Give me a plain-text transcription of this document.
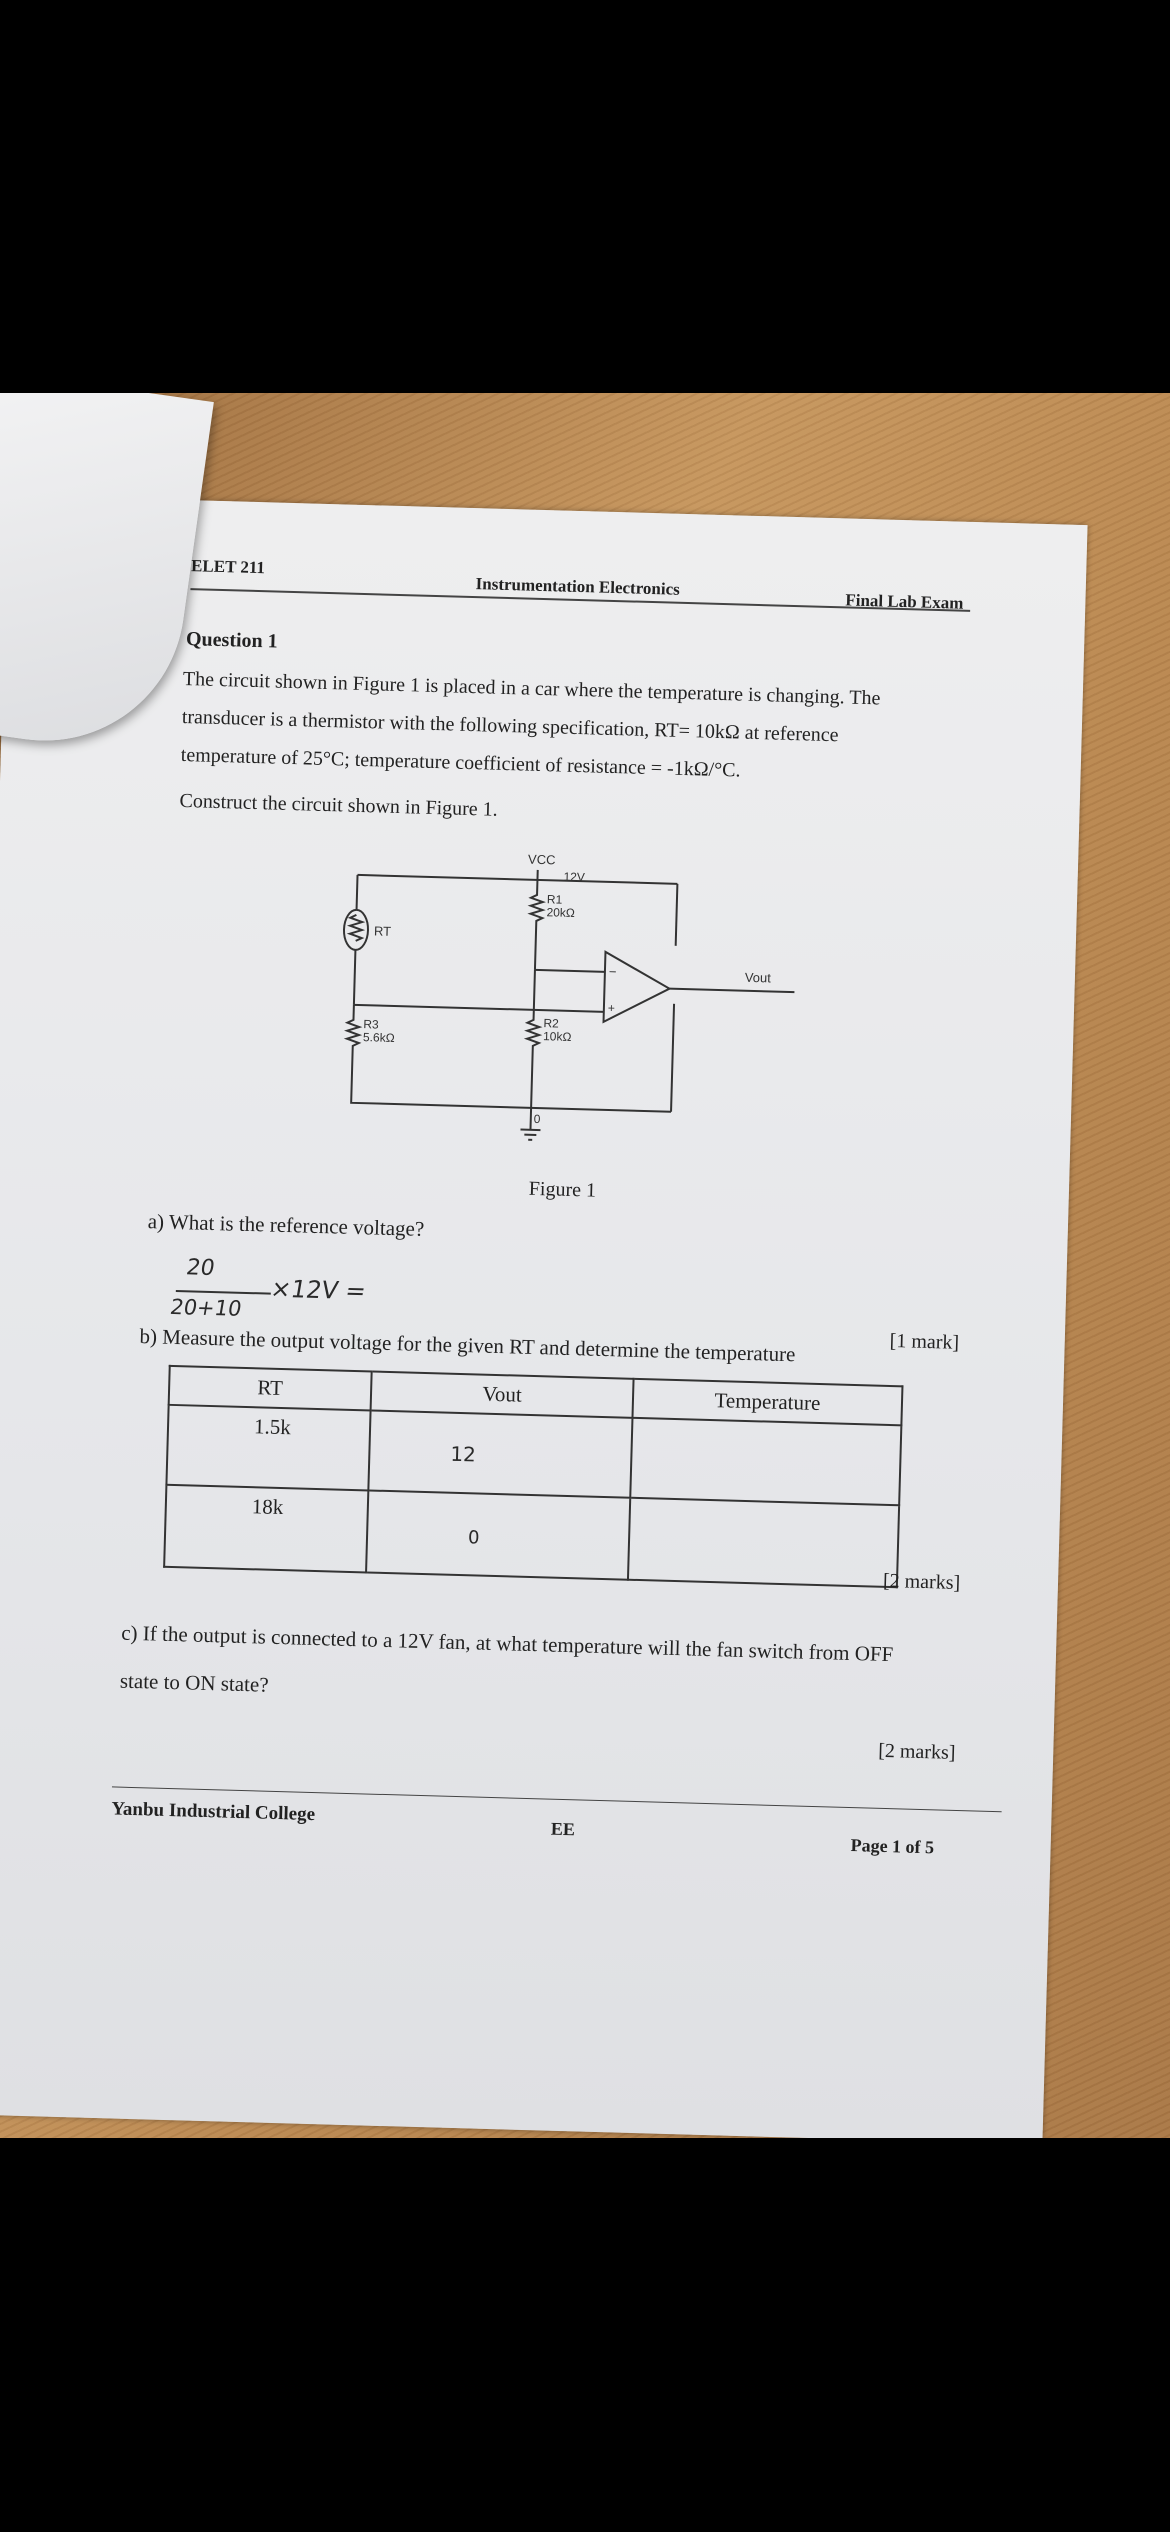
ELET 211
Instrumentation Electronics
Final Lab Exam
Question 1
The circuit shown in Figure 1 is placed in a car where the temperature is changing. The
transducer is a thermistor with the following specification, RT= 10kΩ at reference
temperature of 25°C; temperature coefficient of resistance = -1kΩ/°C.
Construct the circuit shown in Figure 1.
VCC
12V
R1
20kΩ
RT
R2
10kΩ
R3
5.6kΩ
0
Vout
−
+
Figure 1
a) What is the reference voltage?
20
×12V =
20+10
[1 mark]
b) Measure the output voltage for the given RT and determine the temperature
RT	Vout	Temperature
1.5k	12	
18k	0	
[2 marks]
c) If the output is connected to a 12V fan, at what temperature will the fan switch from OFF
state to ON state?
[2 marks]
Yanbu Industrial College
EE
Page 1 of 5
